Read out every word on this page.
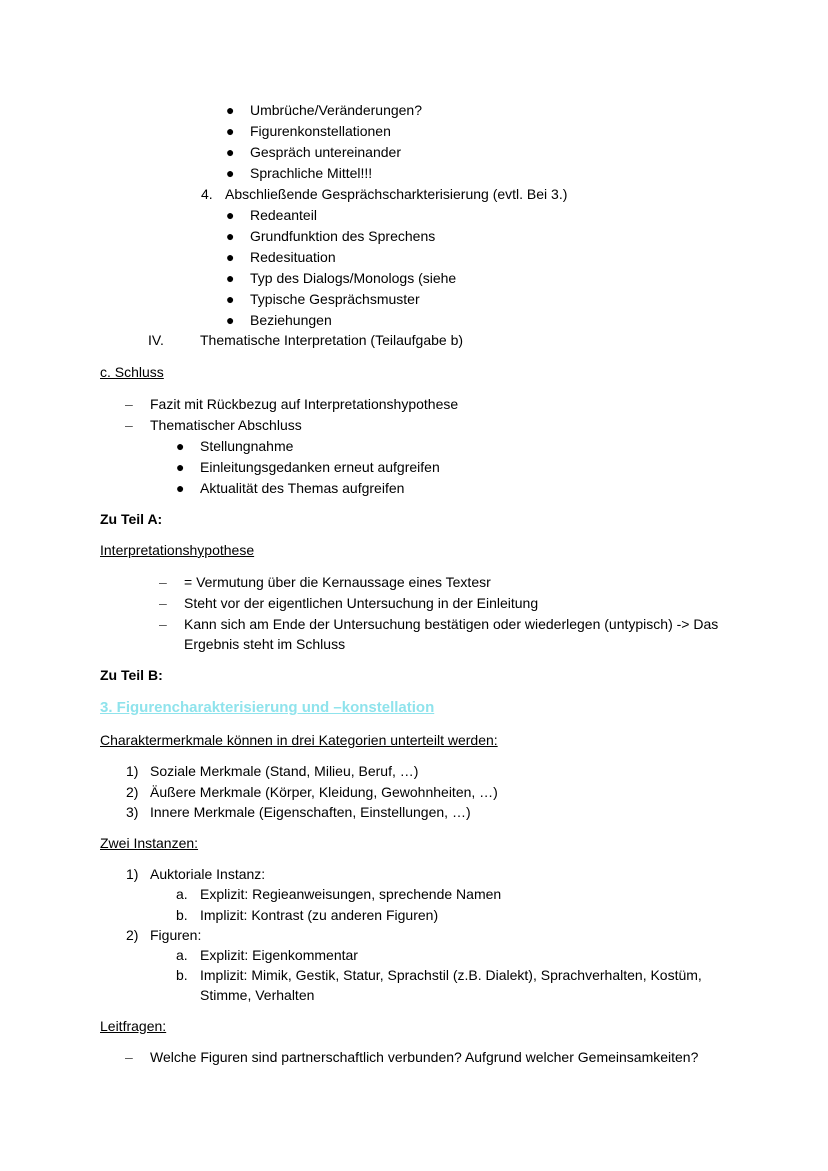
● Umbrüche/Veränderungen?
● Figurenkonstellationen
● Gespräch untereinander
● Sprachliche Mittel!!!
4. Abschließende Gesprächscharkterisierung (evtl. Bei 3.)
● Redeanteil
● Grundfunktion des Sprechens
● Redesituation
● Typ des Dialogs/Monologs (siehe
● Typische Gesprächsmuster
● Beziehungen
IV.	Thematische Interpretation (Teilaufgabe b)
c. Schluss
– Fazit mit Rückbezug auf Interpretationshypothese
– Thematischer Abschluss
● Stellungnahme
● Einleitungsgedanken erneut aufgreifen
● Aktualität des Themas aufgreifen
Zu Teil A:
Interpretationshypothese
– = Vermutung über die Kernaussage eines Textesr
– Steht vor der eigentlichen Untersuchung in der Einleitung
– Kann sich am Ende der Untersuchung bestätigen oder wiederlegen (untypisch) -> Das
Ergebnis steht im Schluss
Zu Teil B:
3. Figurencharakterisierung und –konstellation
Charaktermerkmale können in drei Kategorien unterteilt werden:
1) Soziale Merkmale (Stand, Milieu, Beruf, …)
2) Äußere Merkmale (Körper, Kleidung, Gewohnheiten, …)
3) Innere Merkmale (Eigenschaften, Einstellungen, …)
Zwei Instanzen:
1) Auktoriale Instanz:
a. Explizit: Regieanweisungen, sprechende Namen
b. Implizit: Kontrast (zu anderen Figuren)
2) Figuren:
a. Explizit: Eigenkommentar
b. Implizit: Mimik, Gestik, Statur, Sprachstil (z.B. Dialekt), Sprachverhalten, Kostüm,
Stimme, Verhalten
Leitfragen:
– Welche Figuren sind partnerschaftlich verbunden? Aufgrund welcher Gemeinsamkeiten?
